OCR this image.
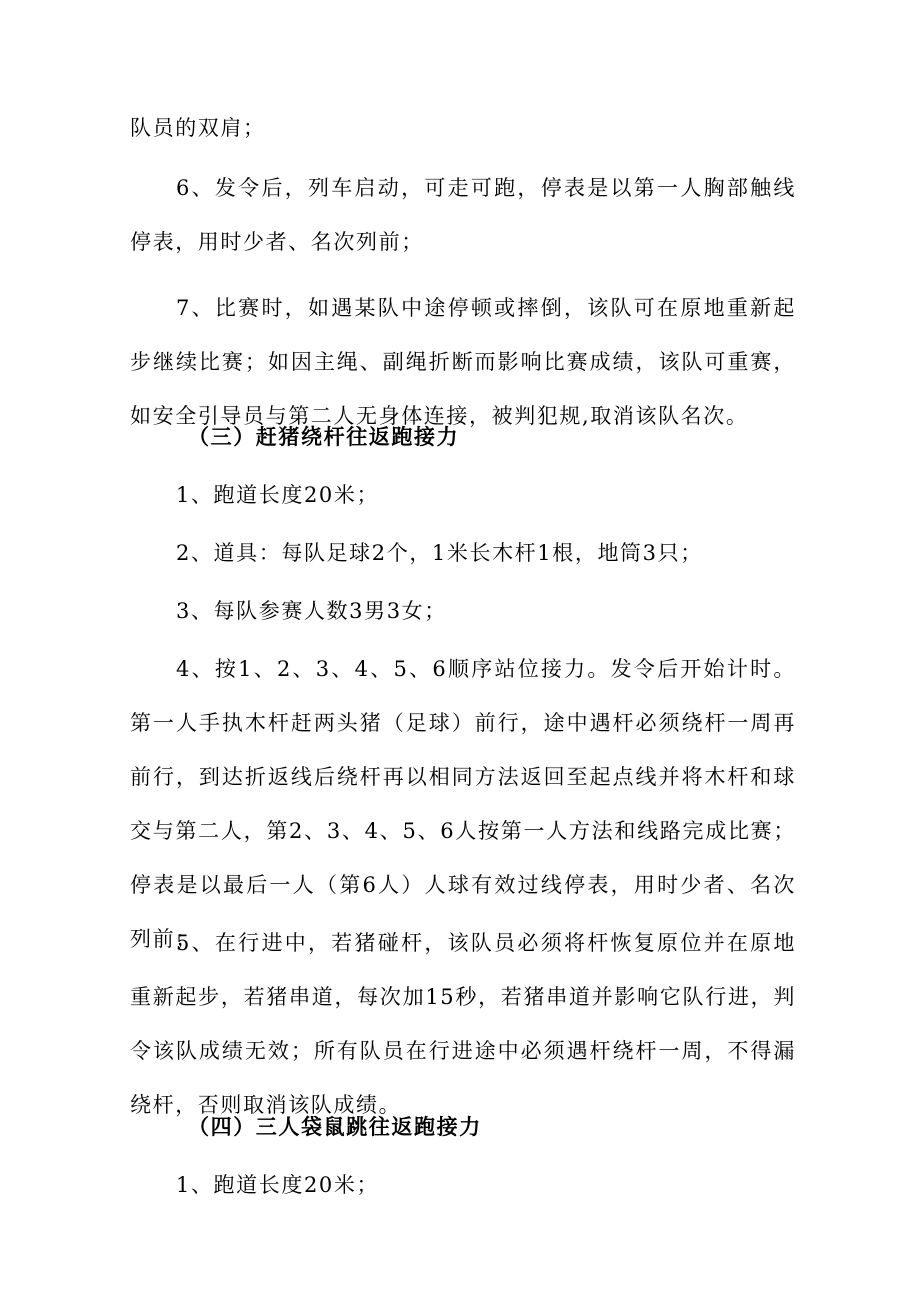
队员的双肩；

6、发令后，列车启动，可走可跑，停表是以第一人胸部触线停表，用时少者、名次列前；

7、比赛时，如遇某队中途停顿或摔倒，该队可在原地重新起步继续比赛；如因主绳、副绳折断而影响比赛成绩，该队可重赛，如安全引导员与第二人无身体连接，被判犯规,取消该队名次。

（三）赶猪绕杆往返跑接力

1、跑道长度20米；

2、道具：每队足球2个，1米长木杆1根，地筒3只；

3、每队参赛人数3男3女；

4、按1、2、3、4、5、6顺序站位接力。发令后开始计时。第一人手执木杆赶两头猪（足球）前行，途中遇杆必须绕杆一周再前行，到达折返线后绕杆再以相同方法返回至起点线并将木杆和球交与第二人，第2、3、4、5、6人按第一人方法和线路完成比赛；停表是以最后一人（第6人）人球有效过线停表，用时少者、名次列前；

5、在行进中，若猪碰杆，该队员必须将杆恢复原位并在原地重新起步，若猪串道，每次加15秒，若猪串道并影响它队行进，判令该队成绩无效；所有队员在行进途中必须遇杆绕杆一周，不得漏绕杆，否则取消该队成绩。

（四）三人袋鼠跳往返跑接力

1、跑道长度20米；
